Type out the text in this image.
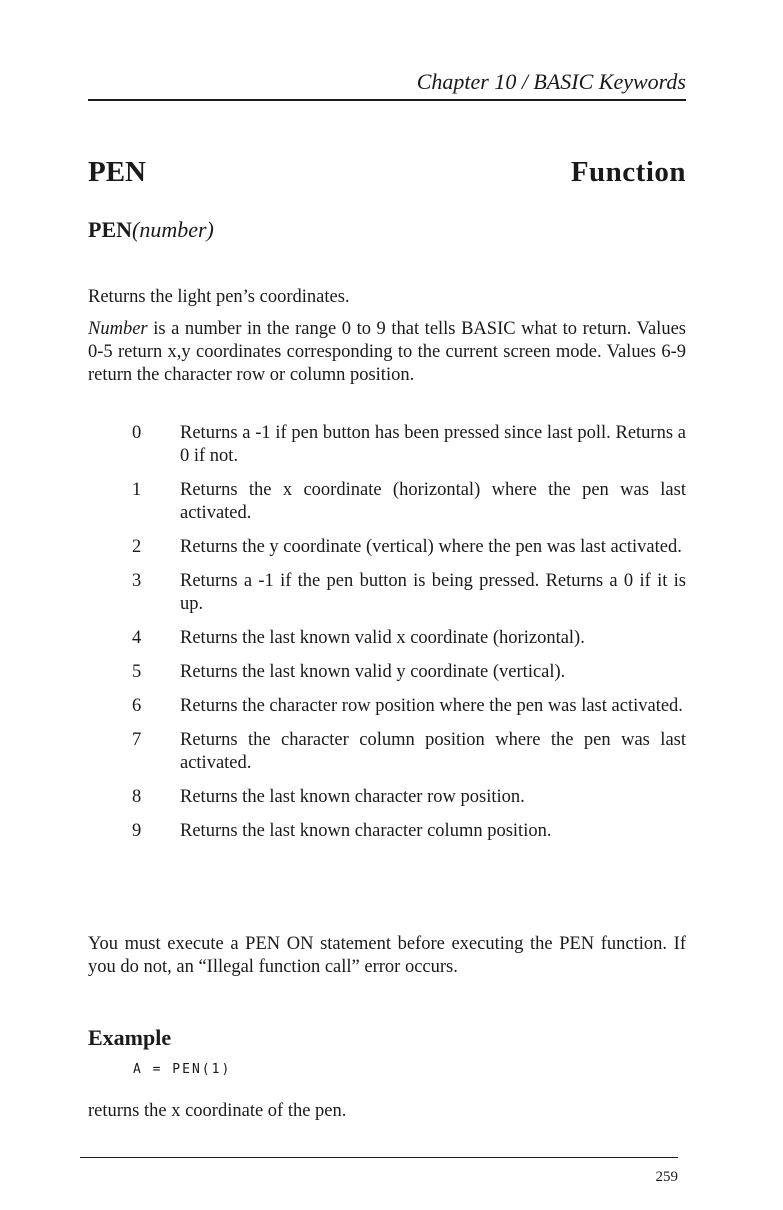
Chapter 10 / BASIC Keywords
PEN	Function
PEN(number)

Returns the light pen’s coordinates.

Number is a number in the range 0 to 9 that tells BASIC what to return. Values 0-5 return x,y coordinates corresponding to the current screen mode. Values 6-9 return the character row or column position.

0	Returns a -1 if pen button has been pressed since last poll. Returns a 0 if not.
1	Returns the x coordinate (horizontal) where the pen was last activated.
2	Returns the y coordinate (vertical) where the pen was last activated.
3	Returns a -1 if the pen button is being pressed. Returns a 0 if it is up.
4	Returns the last known valid x coordinate (horizontal).
5	Returns the last known valid y coordinate (vertical).
6	Returns the character row position where the pen was last activated.
7	Returns the character column position where the pen was last activated.
8	Returns the last known character row position.
9	Returns the last known character column position.

You must execute a PEN ON statement before executing the PEN function. If you do not, an “Illegal function call” error occurs.

Example
A = PEN(1)

returns the x coordinate of the pen.

259
